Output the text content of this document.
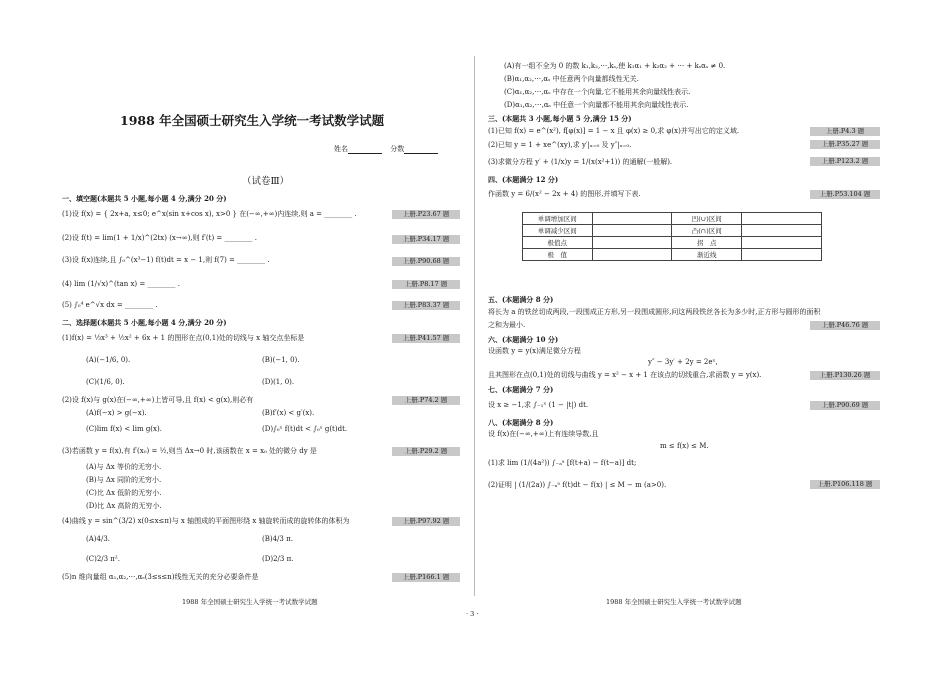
1988 年全国硕士研究生入学统一考试数学试题
姓名	分数
（试卷Ⅲ）
一、填空题(本题共 5 小题,每小题 4 分,满分 20 分)
(1)设 f(x) = { 2x+a, x≤0; e^x(sin x+cos x), x>0 } 在(−∞,+∞)内连续,则 a = ________ .	上册.P23.67 题
(2)设 f(t) = lim(1 + 1/x)^(2tx) (x→∞),则 f′(t) = ________ .	上册.P34.17 题
(3)设 f(x)连续,且 ∫₀^(x³−1) f(t)dt = x − 1,则 f(7) = ________ .	上册.P90.68 题
(4) lim (1/√x)^(tan x) = ________ .	上册.P8.17 题
(5) ∫₀⁴ e^√x dx = ________ .	上册.P83.37 题
二、选择题(本题共 5 小题,每小题 4 分,满分 20 分)
(1)f(x) = ⅓x³ + ½x² + 6x + 1 的图形在点(0,1)处的切线与 x 轴交点坐标是	上册.P41.57 题
(A)(−1/6, 0).	(B)(−1, 0).
(C)(1/6, 0).	(D)(1, 0).
(2)设 f(x)与 g(x)在(−∞,+∞)上皆可导,且 f(x) < g(x),则必有	上册.P74.2 题
(A)f(−x) > g(−x).	(B)f′(x) < g′(x).
(C)lim f(x) < lim g(x).	(D)∫₀ˣ f(t)dt < ∫₀ˣ g(t)dt.
(3)若函数 y = f(x),有 f′(x₀) = ½,则当 Δx→0 时,该函数在 x = x₀ 处的微分 dy 是	上册.P29.2 题
(A)与 Δx 等价的无穷小.
(B)与 Δx 同阶的无穷小.
(C)比 Δx 低阶的无穷小.
(D)比 Δx 高阶的无穷小.
(4)曲线 y = sin^(3/2) x(0≤x≤π)与 x 轴围成的平面图形绕 x 轴旋转而成的旋转体的体积为	上册.P97.92 题
(A)4/3.	(B)4/3 π.
(C)2/3 π².	(D)2/3 π.
(5)n 维向量组 α₁,α₂,⋯,αₛ(3≤s≤n)线性无关的充分必要条件是	上册.P166.1 题
1988 年全国硕士研究生入学统一考试数学试题
(A)有一组不全为 0 的数 k₁,k₂,⋯,kₛ,使 k₁α₁ + k₂α₂ + ⋯ + kₛαₛ ≠ 0.
(B)α₁,α₂,⋯,αₛ 中任意两个向量都线性无关.
(C)α₁,α₂,⋯,αₛ 中存在一个向量,它不能用其余向量线性表示.
(D)α₁,α₂,⋯,αₛ 中任意一个向量都不能用其余向量线性表示.
三、(本题共 3 小题,每小题 5 分,满分 15 分)
(1)已知 f(x) = e^(x²), f[φ(x)] = 1 − x 且 φ(x) ≥ 0,求 φ(x)并写出它的定义域.	上册.P4.3 题
(2)已知 y = 1 + xe^(xy),求 y′|ₓ₌₀ 及 y″|ₓ₌₀.	上册.P35.27 题
(3)求微分方程 y′ + (1/x)y = 1/(x(x²+1)) 的通解(一般解).	上册.P123.2 题
四、(本题满分 12 分)
作函数 y = 6/(x² − 2x + 4) 的图形,并填写下表.	上册.P53.104 题
单调增加区间		凹(∪)区间	
单调减少区间		凸(∩)区间	
极值点		拐　点	
极　值		渐近线	
五、(本题满分 8 分)
将长为 a 的铁丝切成两段,一段围成正方形,另一段围成圆形,问这两段铁丝各长为多少时,正方形与圆形的面积
之和为最小.	上册.P46.76 题
六、(本题满分 10 分)
设函数 y = y(x)满足微分方程
y″ − 3y′ + 2y = 2eˣ,
且其图形在点(0,1)处的切线与曲线 y = x² − x + 1 在该点的切线重合,求函数 y = y(x).	上册.P130.26 题
七、(本题满分 7 分)
设 x ≥ −1,求 ∫₋₁ˣ (1 − |t|) dt.	上册.P90.69 题
八、(本题满分 8 分)
设 f(x)在(−∞,+∞)上有连续导数,且
m ≤ f(x) ≤ M.
(1)求 lim (1/(4a²)) ∫₋ₐᵃ [f(t+a) − f(t−a)] dt;
(2)证明 | (1/(2a)) ∫₋ₐᵃ f(t)dt − f(x) | ≤ M − m (a>0).	上册.P106.118 题
1988 年全国硕士研究生入学统一考试数学试题
· 3 ·
